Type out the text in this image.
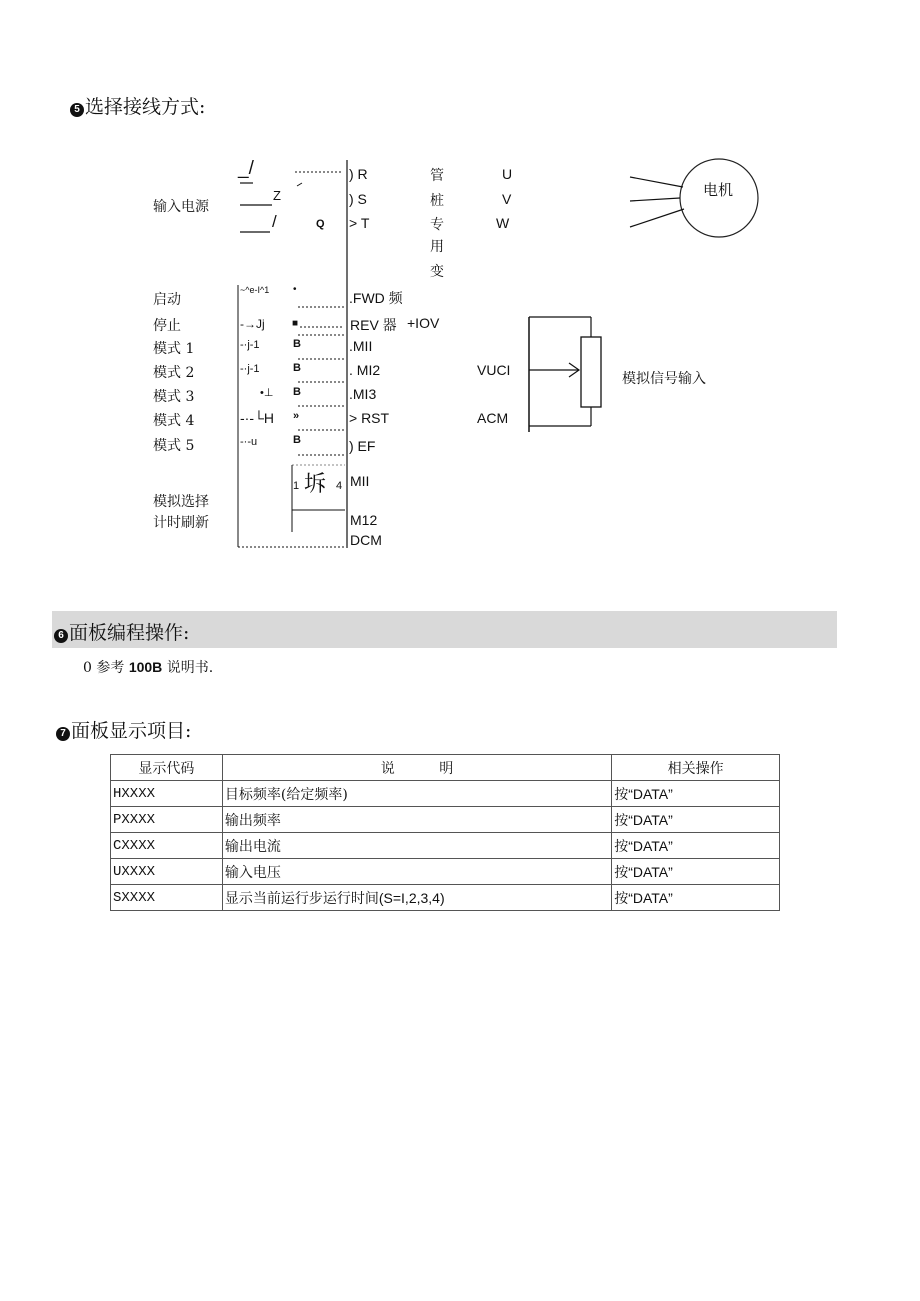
5 选择接线方式:
输入电源
启动
停止
模式 1
模式 2
模式 3
模式 4
模式 5
模拟选择
计时刷新
_/
Z
/	Q
~^e-I^1 •
-→Jj	■
-·j-1	B
-·j-1	B
•⊥ B
-·-└H »
-·-u	B
1 坼 4
) R
) S
> T
.FWD 频
REV 器 +IOV
.MII
. MI2
.MI3
> RST
) EF
MII
M12
DCM
管
桩
专
用
变
U
V
W
电机
VUCI
ACM
模拟信号输入
6 面板编程操作:
0 参考 100B 说明书.
7 面板显示项目:
显示代码	说          明	相关操作
HXXXX	目标频率(给定频率)	按“DATA”
PXXXX	输出频率	按“DATA”
CXXXX	输出电流	按“DATA”
UXXXX	输入电压	按“DATA”
SXXXX	显示当前运行步运行时间(S=I,2,3,4)	按“DATA”
